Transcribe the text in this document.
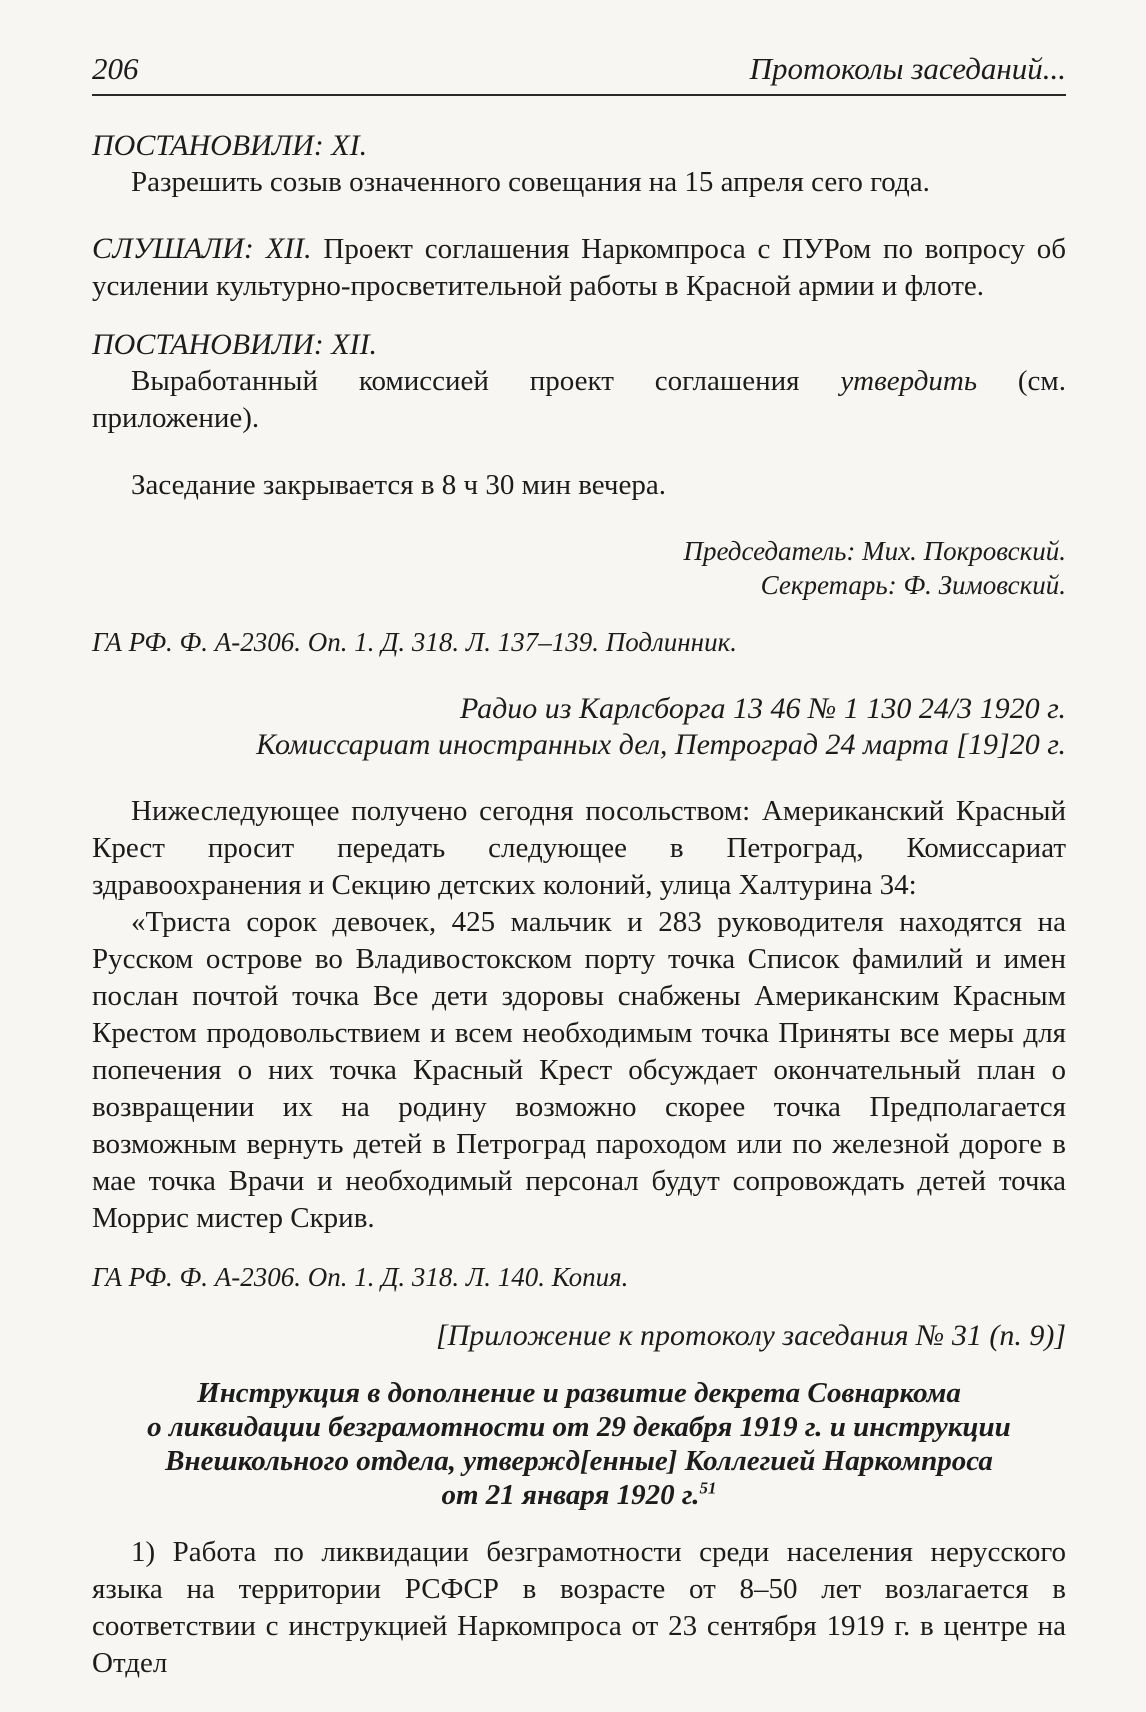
206	Протоколы заседаний...

ПОСТАНОВИЛИ: XI.

Разрешить созыв означенного совещания на 15 апреля сего года.

СЛУШАЛИ: XII. Проект соглашения Наркомпроса с ПУРом по вопросу об усилении культурно-просветительной работы в Красной армии и флоте.

ПОСТАНОВИЛИ: XII.

Выработанный комиссией проект соглашения утвердить (см. приложение).

Заседание закрывается в 8 ч 30 мин вечера.

Председатель: Мих. Покровский.

Секретарь: Ф. Зимовский.

ГА РФ. Ф. А-2306. Оп. 1. Д. 318. Л. 137–139. Подлинник.

Радио из Карлсборга 13 46 № 1 130 24/3 1920 г.

Комиссариат иностранных дел, Петроград 24 марта [19]20 г.

Нижеследующее получено сегодня посольством: Американский Красный Крест просит передать следующее в Петроград, Комиссариат здравоохранения и Секцию детских колоний, улица Халтурина 34:

«Триста сорок девочек, 425 мальчик и 283 руководителя находятся на Русском острове во Владивостокском порту точка Список фамилий и имен послан почтой точка Все дети здоровы снабжены Американским Красным Крестом продовольствием и всем необходимым точка Приняты все меры для попечения о них точка Красный Крест обсуждает окончательный план о возвращении их на родину возможно скорее точка Предполагается возможным вернуть детей в Петроград пароходом или по железной дороге в мае точка Врачи и необходимый персонал будут сопровождать детей точка Моррис мистер Скрив.

ГА РФ. Ф. А-2306. Оп. 1. Д. 318. Л. 140. Копия.

[Приложение к протоколу заседания № 31 (п. 9)]

Инструкция в дополнение и развитие декрета Совнаркома

о ликвидации безграмотности от 29 декабря 1919 г. и инструкции

Внешкольного отдела, утвержд[енные] Коллегией Наркомпроса

от 21 января 1920 г.$^{51}$

1) Работа по ликвидации безграмотности среди населения нерусского языка на территории РСФСР в возрасте от 8–50 лет возлагается в соответствии с инструкцией Наркомпроса от 23 сентября 1919 г. в центре на Отдел
